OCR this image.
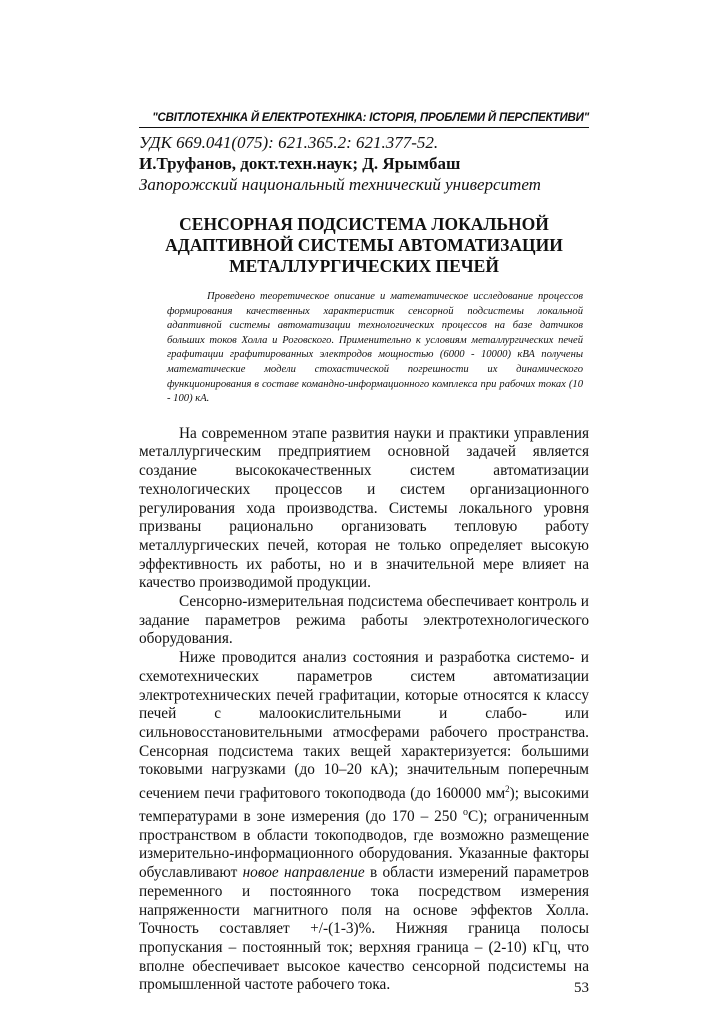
"СВІТЛОТЕХНІКА Й ЕЛЕКТРОТЕХНІКА: ІСТОРІЯ, ПРОБЛЕМИ Й ПЕРСПЕКТИВИ"
УДК 669.041(075): 621.365.2: 621.377-52.
И.Труфанов, докт.техн.наук; Д. Ярымбаш
Запорожский национальный технический университет
СЕНСОРНАЯ ПОДСИСТЕМА ЛОКАЛЬНОЙ АДАПТИВНОЙ СИСТЕМЫ АВТОМАТИЗАЦИИ МЕТАЛЛУРГИЧЕСКИХ ПЕЧЕЙ

Проведено теоретическое описание и математическое исследование процессов формирования качественных характеристик сенсорной подсистемы локальной адаптивной системы автоматизации технологических процессов на базе датчиков больших токов Холла и Роговского. Применительно к условиям металлургических печей графитации графитированных электродов мощностью (6000 - 10000) кВА получены математические модели стохастической погрешности их динамического функционирования в составе командно-информационного комплекса при рабочих токах (10 - 100) кА.

На современном этапе развития науки и практики управления металлургическим предприятием основной задачей является создание высококачественных систем автоматизации технологических процессов и систем организационного регулирования хода производства. Системы локального уровня призваны рационально организовать тепловую работу металлургических печей, которая не только определяет высокую эффективность их работы, но и в значительной мере влияет на качество производимой продукции.

Сенсорно-измерительная подсистема обеспечивает контроль и задание параметров режима работы электротехнологического оборудования.

Ниже проводится анализ состояния и разработка системо- и схемотехнических параметров систем автоматизации электротехнических печей графитации, которые относятся к классу печей с малоокислительными и слабо- или сильновосстановительными атмосферами рабочего пространства. Сенсорная подсистема таких вещей характеризуется: большими токовыми нагрузками (до 10–20 кА); значительным поперечным сечением печи графитового токоподвода (до 160000 $мм^2$); высокими температурами в зоне измерения (до 170 – 250 $^о$С); ограниченным пространством в области токоподводов, где возможно размещение измерительно-информационного оборудования. Указанные факторы обуславливают новое направление в области измерений параметров переменного и постоянного тока посредством измерения напряженности магнитного поля на основе эффектов Холла. Точность составляет +/-(1-3)%. Нижняя граница полосы пропускания – постоянный ток; верхняя граница – (2-10) кГц, что вполне обеспечивает высокое качество сенсорной подсистемы на промышленной частоте рабочего тока.	53
